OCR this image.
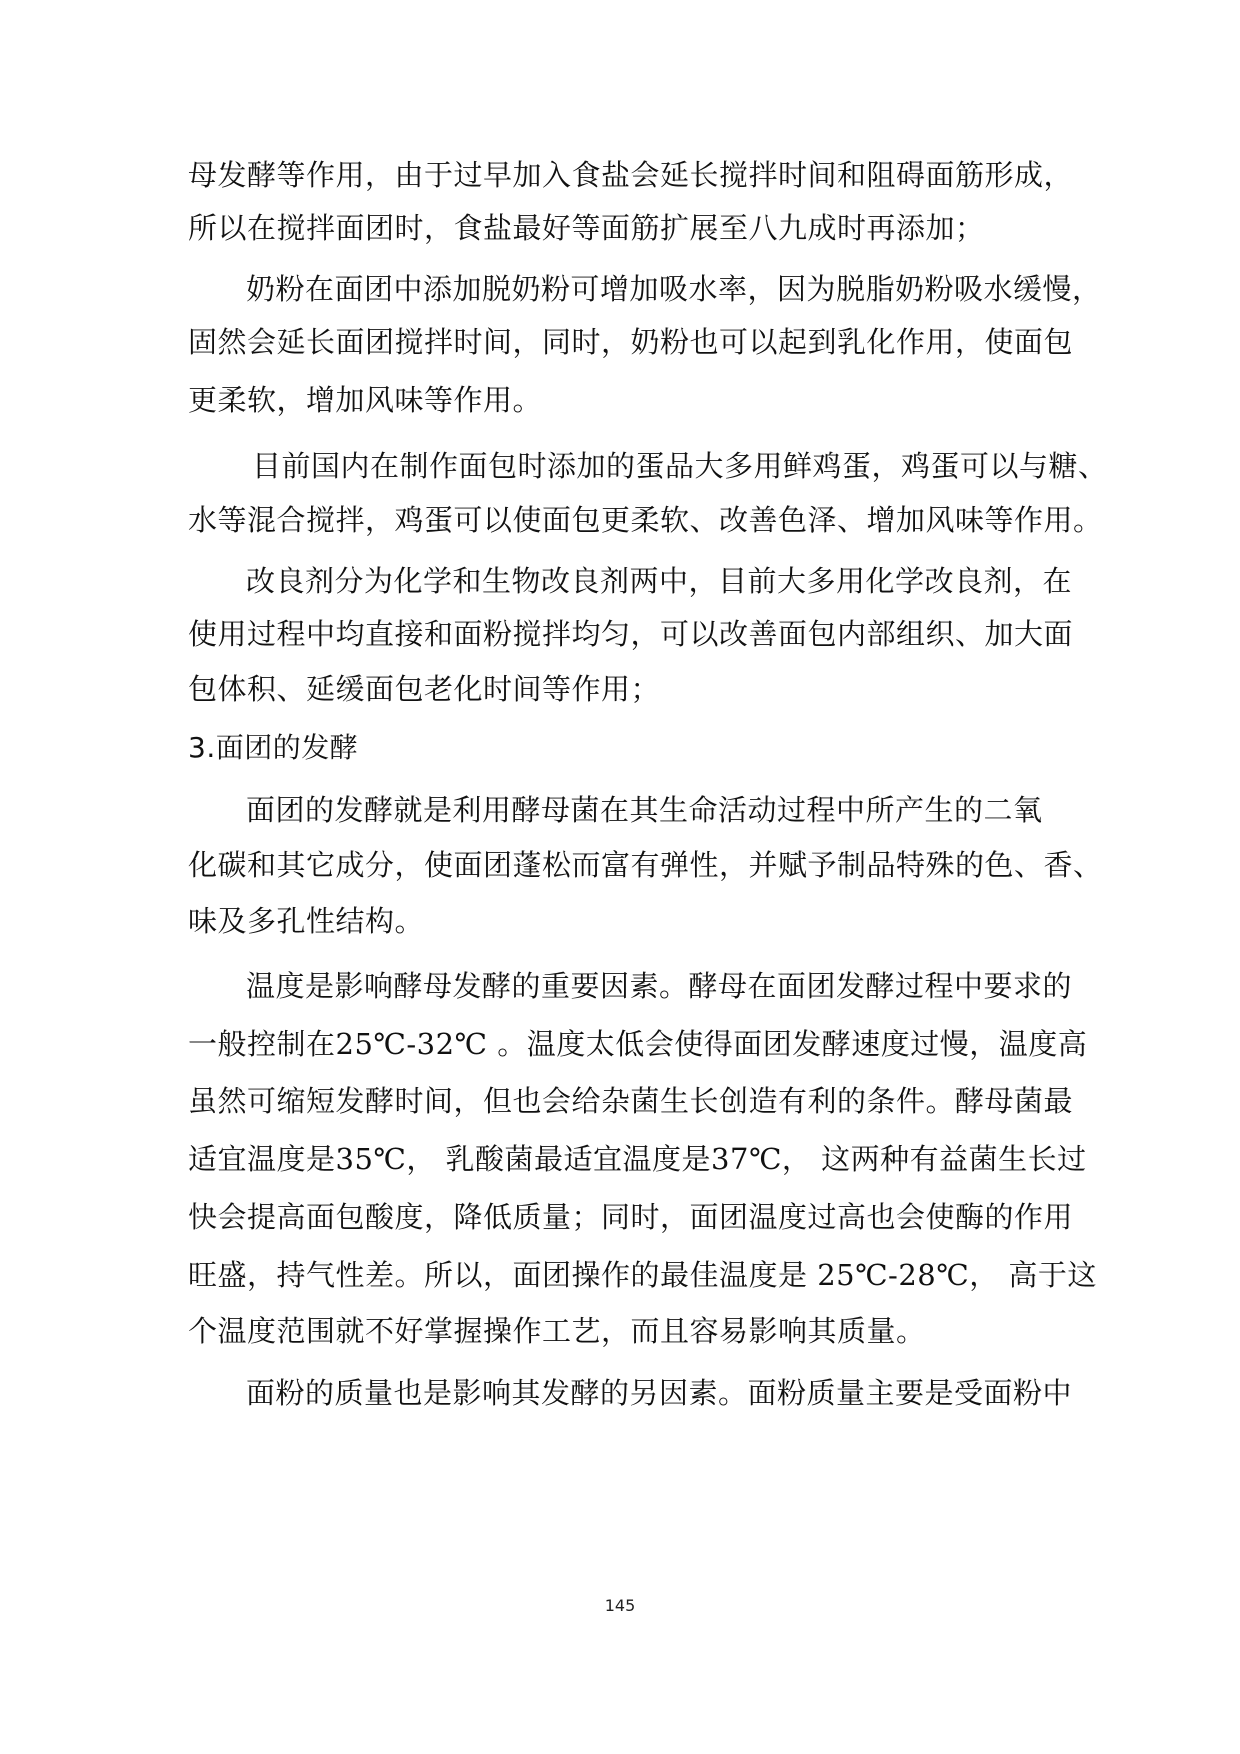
母发酵等作用，由于过早加入食盐会延长搅拌时间和阻碍面筋形成，
所以在搅拌面团时，食盐最好等面筋扩展至八九成时再添加；
奶粉在面团中添加脱奶粉可增加吸水率，因为脱脂奶粉吸水缓慢，
固然会延长面团搅拌时间，同时，奶粉也可以起到乳化作用，使面包
更柔软，增加风味等作用。
目前国内在制作面包时添加的蛋品大多用鲜鸡蛋，鸡蛋可以与糖、
水等混合搅拌，鸡蛋可以使面包更柔软、改善色泽、增加风味等作用。
改良剂分为化学和生物改良剂两中，目前大多用化学改良剂，在
使用过程中均直接和面粉搅拌均匀，可以改善面包内部组织、加大面
包体积、延缓面包老化时间等作用；
3.面团的发酵
面团的发酵就是利用酵母菌在其生命活动过程中所产生的二氧
化碳和其它成分，使面团蓬松而富有弹性，并赋予制品特殊的色、香、
味及多孔性结构。
温度是影响酵母发酵的重要因素。酵母在面团发酵过程中要求的
一般控制在25℃-32℃ 。温度太低会使得面团发酵速度过慢，温度高
虽然可缩短发酵时间，但也会给杂菌生长创造有利的条件。酵母菌最
适宜温度是35℃， 乳酸菌最适宜温度是37℃， 这两种有益菌生长过
快会提高面包酸度，降低质量；同时，面团温度过高也会使酶的作用
旺盛，持气性差。所以，面团操作的最佳温度是 25℃-28℃， 高于这
个温度范围就不好掌握操作工艺，而且容易影响其质量。
面粉的质量也是影响其发酵的另因素。面粉质量主要是受面粉中
145
